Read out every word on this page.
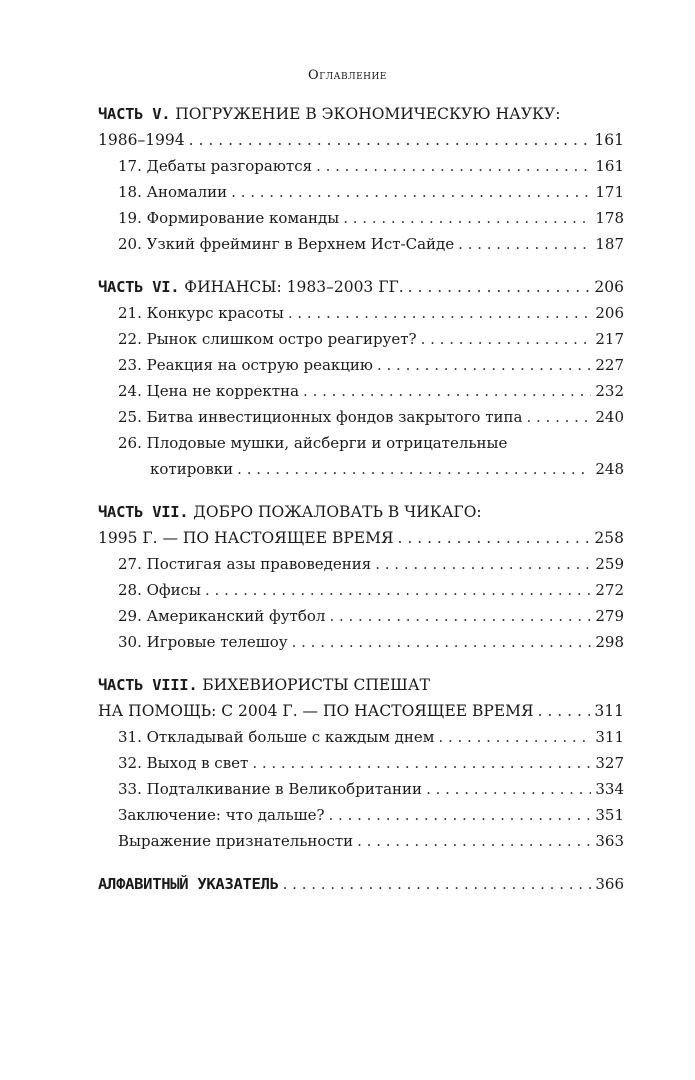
Оглавление
ЧАСТЬ V. ПОГРУЖЕНИЕ В ЭКОНОМИЧЕСКУЮ НАУКУ:
1986–1994 . . .	161
17. Дебаты разгораются . . .	161
18. Аномалии . . .	171
19. Формирование команды . . .	178
20. Узкий фрейминг в Верхнем Ист-Сайде . . .	187
ЧАСТЬ VI.
ФИНАНСЫ: 1983–2003 ГГ. . . .	206
21. Конкурс красоты . . .	206
22. Рынок слишком остро реагирует? . . .	217
23. Реакция на острую реакцию . . .	227
24. Цена не корректна . . .	232
25. Битва инвестиционных фондов закрытого типа . . .	240
26. Плодовые мушки, айсберги и отрицательные
котировки . . .	248
ЧАСТЬ VII. ДОБРО ПОЖАЛОВАТЬ В ЧИКАГО:
1995 Г. — ПО НАСТОЯЩЕЕ ВРЕМЯ . . .	258
27. Постигая азы правоведения . . .	259
28. Офисы . . .	272
29. Американский футбол . . .	279
30. Игровые телешоу . . .	298
ЧАСТЬ VIII. БИХЕВИОРИСТЫ СПЕШАТ
НА ПОМОЩЬ: С 2004 Г. — ПО НАСТОЯЩЕЕ ВРЕМЯ . . .	311
31. Откладывай больше с каждым днем . . .	311
32. Выход в свет . . .	327
33. Подталкивание в Великобритании . . .	334
Заключение: что дальше? . . .	351
Выражение признательности . . .	363
АЛФАВИТНЫЙ УКАЗАТЕЛЬ . . .	366
